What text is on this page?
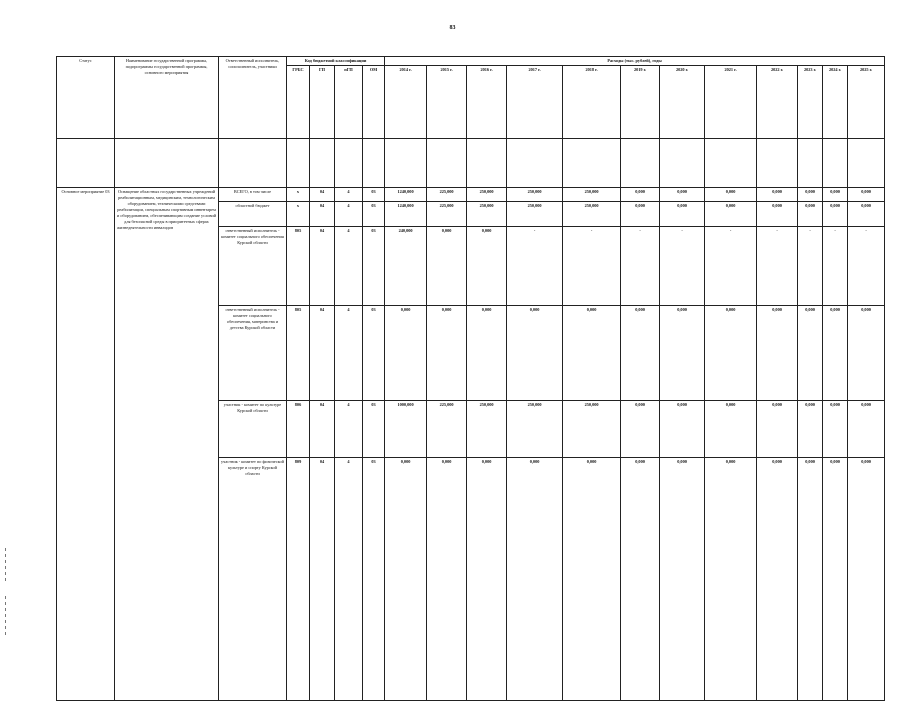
83
Статус	Наименование государственной программы, подпрограммы государственной программы, основного мероприятия	Ответственный исполнитель, соисполнитель, участники	Код бюджетной классификации				Расходы (тыс. рублей), годы											
			ГРБС	ГП	пГП	ОМ	2014 г.	2015 г.	2016 г.	2017 г.	2018 г.	2019 г.	2020 г.	2021 г.	2022 г.	2023 г.	2024 г.	2025 г.

Основное мероприятие 03	Оснащение областных государственных учреждений реабилитационным, медицинским, технологическим оборудованием, техническими средствами реабилитации, специальным спортивным инвентарем и оборудованием, обеспечивающим создание условий для безопасной среды в приоритетных сферах жизнедеятельности инвалидов	ВСЕГО, в том числе	х	04	4	03	1240,000	225,000	250,000	250,000	250,000	0,000	0,000	0,000	0,000	0,000	0,000	0,000
		областной бюджет	х	04	4	03	1240,000	225,000	250,000	250,000	250,000	0,000	0,000	0,000	0,000	0,000	0,000	0,000
		ответственный исполнитель - комитет социального обеспечения Курской области	805	04	4	03	240,000	0,000	0,000	-	-	-	-	-	-	-	-	-
		ответственный исполнитель - комитет социального обеспечения, материнства и детства Курской области	805	04	4	03	0,000	0,000	0,000	0,000	0,000	0,000	0,000	0,000	0,000	0,000	0,000	0,000
		участник - комитет по культуре Курской области	806	04	4	03	1000,000	225,000	250,000	250,000	250,000	0,000	0,000	0,000	0,000	0,000	0,000	0,000
		участник - комитет по физической культуре и спорту Курской области	809	04	4	03	0,000	0,000	0,000	0,000	0,000	0,000	0,000	0,000	0,000	0,000	0,000	0,000
